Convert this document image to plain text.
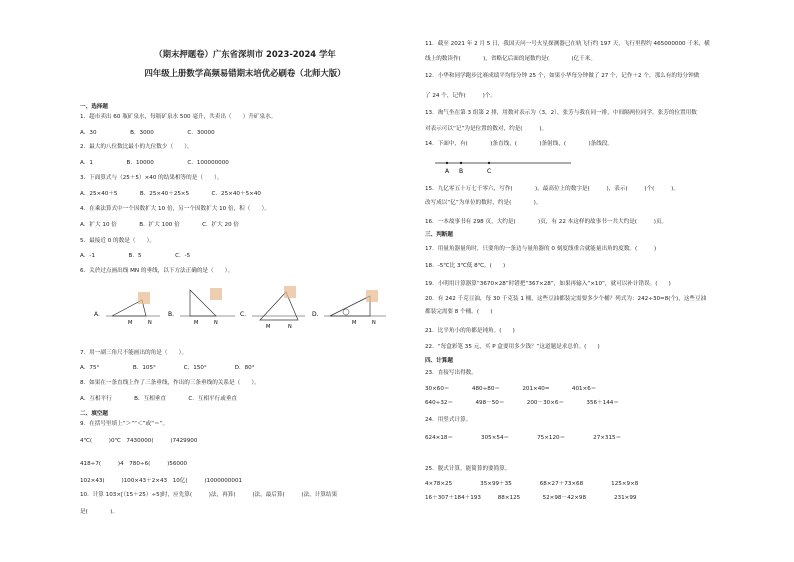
（期末押题卷）广东省深圳市 2023-2024 学年
四年级上册数学高频易错期末培优必刷卷（北师大版）
一、选择题
1．超市卖出 60 瓶矿泉水，每瓶矿泉水 500 毫升，共卖出（　　）升矿泉水。
A．30　　　　　　B．3000　　　　　　C．30000
2．最大的八位数比最小的九位数少（　　）。
A．1　　　　　　B．10000　　　　　　C．100000000
3．下面算式与（25＋5）×40 的结果相等的是（　　）。
A．25×40＋5　　　　B．25×40＋25×5　　　　C．25×40＋5×40
4．在乘法算式中一个因数扩大 10 倍，另一个因数扩大 10 倍，积（　　）。
A．扩大 10 倍　　　　B．扩大 100 倍　　　　C．扩大 20 倍
5．最接近 0 的数是（　　）。
A．-1　　　　　　B．5　　　　　　C．-5
6．关於过点画出线 MN 的垂线，以下方法正确的是（　　）。
7．用一副三角尺不能画出的角是（　　）。
A．75°　　　　　　B．105°　　　　　C．150°　　　　　D．80°
8．如果在一条直线上作了三条垂线，作出的三条垂线的关系是（　　）。
A．互相平行　　　　B．互相垂直　　　　C．互相平行或垂直
二、填空题
9．在括号里填上“＞”“＜”或“＝”。
4℃(　　　)0℃　7430000(　　　)7429900
418÷7(　　　)4　780÷6(　　　)56000
102×43(　　　)100×43＋2×43　10亿(　　　)1000000001
10．计算 103×[（15＋25）÷5]时，应先算(　　　)法，再算(　　　)法，最后算(　　　)法，计算结果
是(　　　　)。
A.
M	N
B.
M	N
C.
M	N
D.
M	N
11．截至 2021 年 2 月 5 日，我国天问一号火星探测器已在轨飞行约 197 天，飞行里程约 465000000 千米，横
线上的数读作(　　　　)，省略亿后面的尾数约是(　　　　)亿千米。
12．小华和同学跑步比赛成绩平均每分钟 25 个，如果小华每分钟做了 27 个，记作＋2 个，那么有的每分钟做
了 24 个，记作(　　　)个。
13．淘气坐在第 3 组第 2 排，用数对表示为（3，2），张芳与我在同一排，中间隔两位同学，张芳的位置用数
对表示可以“记”为是位置的数对，约是(　　　)。
14．下面中，有(　　　　)条直线，(　　　　)条射线，(　　　　)条线段。
15．九亿零五十万七千零六，写作(　　　　)，最高位上的数字是(　　　)，表示(　　　)个(　　　)。
改写成以“亿”为单位的数时，约是(　　　　)。
16．一本故事书有 298 页，大约是(　　　　)页，有 22 本这样的故事书一共大约是(　　　)页。
三、判断题
17．用量角器量角时，只要角的一条边与量角器的 0 刻度线重合就能量出角的度数。(　　　)
18．-5℃比 3℃低 8℃。(　　)
19．小明用计算器算“3670×28”时错把“367×28”，如果再输入“×10”，就可以补计错误。(　　)
20．有 242 千克豆油，每 30 千克装 1 桶，这些豆油都装完需要多少个桶？列式为：242÷30≈8(个)，这些豆油
都装完需要 8 个桶。(　　)
21．比平角小的角都是钝角。(　　)
22．“每盒彩笔 35 元，买 P 盒要用多少钱？”这道题是求总价。(　　)
四、计算题
23．直接写出得数。
30×60＝　　　　480÷80＝　　　　201×40≈　　　　401×6＝
640÷32＝　　　　498－50＝　　　　200－30×6＝　　　　356＋144＝
24．用竖式计算。
624×18＝　　　　　305×54＝　　　　　75×120＝　　　　　27×315＝
25．脱式计算，能简算的要简算。
4×78×25　　　　　35×99＋35　　　　　68×27＋73×68　　　　　125×9×8
16＋307＋184＋193　　　88×125　　　　52×98－42×98　　　　　231×99
A B	C
